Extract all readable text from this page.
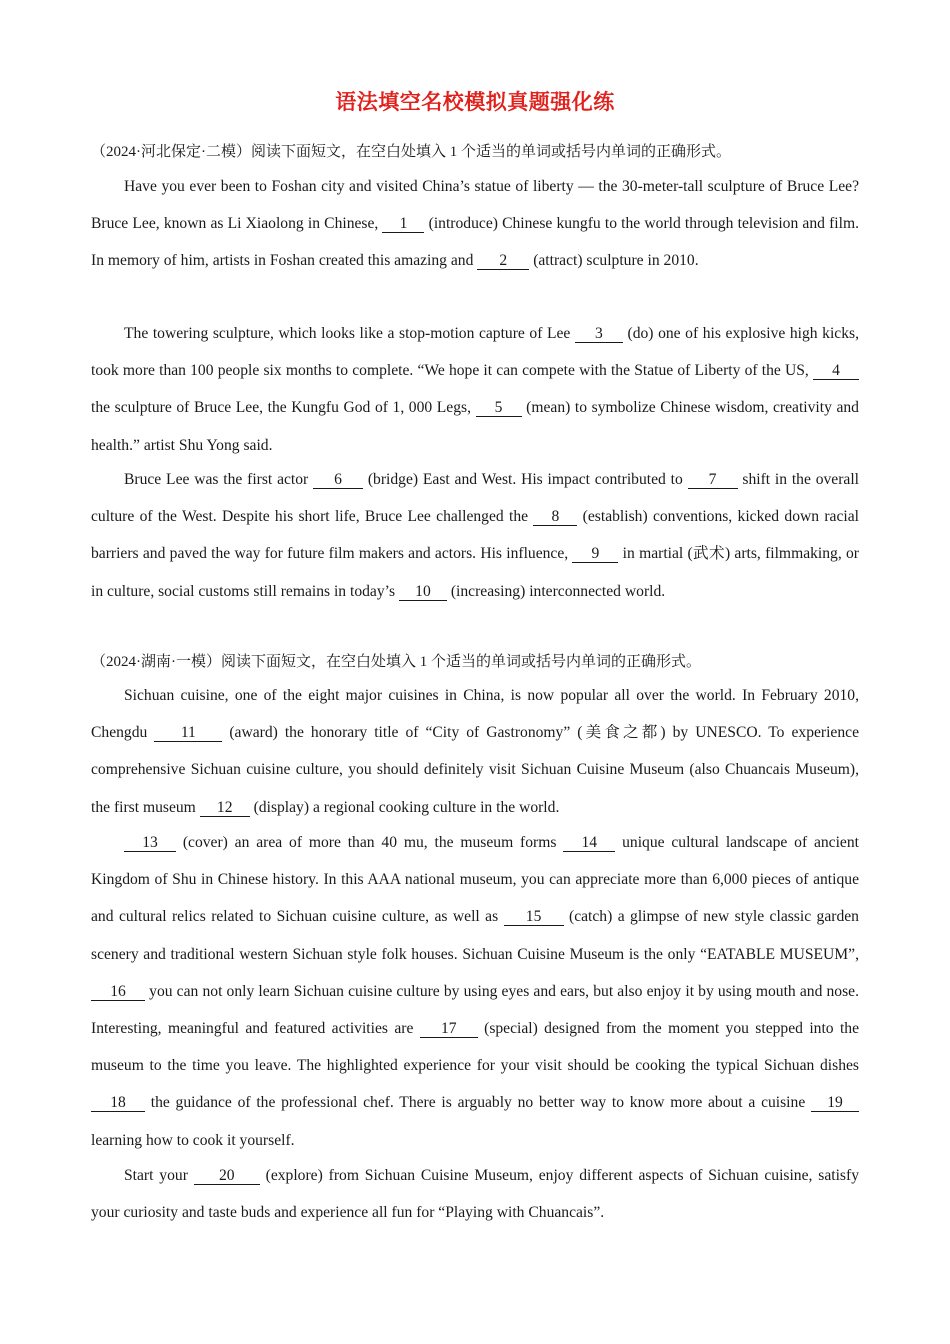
语法填空名校模拟真题强化练
（2024·河北保定·二模）阅读下面短文，在空白处填入 1 个适当的单词或括号内单词的正确形式。
Have you ever been to Foshan city and visited China’s statue of liberty — the 30-meter-tall sculpture of Bruce Lee? Bruce Lee, known as Li Xiaolong in Chinese, 1 (introduce) Chinese kungfu to the world through television and film. In memory of him, artists in Foshan created this amazing and 2 (attract) sculpture in 2010.
The towering sculpture, which looks like a stop-motion capture of Lee 3 (do) one of his explosive high kicks, took more than 100 people six months to complete. “We hope it can compete with the Statue of Liberty of the US, 4 the sculpture of Bruce Lee, the Kungfu God of 1, 000 Legs, 5 (mean) to symbolize Chinese wisdom, creativity and health.” artist Shu Yong said.
Bruce Lee was the first actor 6 (bridge) East and West. His impact contributed to 7 shift in the overall culture of the West. Despite his short life, Bruce Lee challenged the 8 (establish) conventions, kicked down racial barriers and paved the way for future film makers and actors. His influence, 9 in martial (武术) arts, filmmaking, or in culture, social customs still remains in today’s 10 (increasing) interconnected world.
（2024·湖南·一模）阅读下面短文，在空白处填入 1 个适当的单词或括号内单词的正确形式。
Sichuan cuisine, one of the eight major cuisines in China, is now popular all over the world. In February 2010, Chengdu 11 (award) the honorary title of “City of Gastronomy” (美食之都) by UNESCO. To experience comprehensive Sichuan cuisine culture, you should definitely visit Sichuan Cuisine Museum (also Chuancais Museum), the first museum 12 (display) a regional cooking culture in the world.
13 (cover) an area of more than 40 mu, the museum forms 14 unique cultural landscape of ancient Kingdom of Shu in Chinese history. In this AAA national museum, you can appreciate more than 6,000 pieces of antique and cultural relics related to Sichuan cuisine culture, as well as 15 (catch) a glimpse of new style classic garden scenery and traditional western Sichuan style folk houses. Sichuan Cuisine Museum is the only “EATABLE MUSEUM”, 16 you can not only learn Sichuan cuisine culture by using eyes and ears, but also enjoy it by using mouth and nose. Interesting, meaningful and featured activities are 17 (special) designed from the moment you stepped into the museum to the time you leave. The highlighted experience for your visit should be cooking the typical Sichuan dishes 18 the guidance of the professional chef. There is arguably no better way to know more about a cuisine 19 learning how to cook it yourself.
Start your 20 (explore) from Sichuan Cuisine Museum, enjoy different aspects of Sichuan cuisine, satisfy your curiosity and taste buds and experience all fun for “Playing with Chuancais”.
